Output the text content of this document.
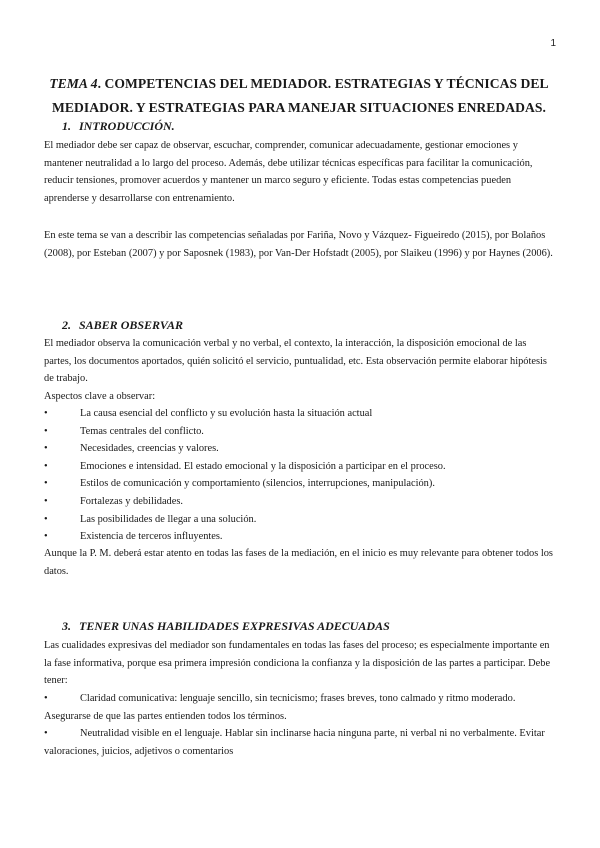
1
TEMA 4. COMPETENCIAS DEL MEDIADOR. ESTRATEGIAS Y TÉCNICAS DEL MEDIADOR. Y ESTRATEGIAS PARA MANEJAR SITUACIONES ENREDADAS.
1. INTRODUCCIÓN.
El mediador debe ser capaz de observar, escuchar, comprender, comunicar adecuadamente, gestionar emociones y mantener neutralidad a lo largo del proceso. Además, debe utilizar técnicas específicas para facilitar la comunicación, reducir tensiones, promover acuerdos y mantener un marco seguro y eficiente. Todas estas competencias pueden aprenderse y desarrollarse con entrenamiento.
En este tema se van a describir las competencias señaladas por Fariña, Novo y Vázquez- Figueiredo (2015), por Bolaños (2008), por Esteban (2007) y por Saposnek (1983), por Van-Der Hofstadt (2005), por Slaikeu (1996) y por Haynes (2006).
2. SABER OBSERVAR
El mediador observa la comunicación verbal y no verbal, el contexto, la interacción, la disposición emocional de las partes, los documentos aportados, quién solicitó el servicio, puntualidad, etc. Esta observación permite elaborar hipótesis de trabajo.
Aspectos clave a observar:
•	La causa esencial del conflicto y su evolución hasta la situación actual
•	Temas centrales del conflicto.
•	Necesidades, creencias y valores.
•	Emociones e intensidad. El estado emocional y la disposición a participar en el proceso.
•	Estilos de comunicación y comportamiento (silencios, interrupciones, manipulación).
•	Fortalezas y debilidades.
•	Las posibilidades de llegar a una solución.
•	Existencia de terceros influyentes.
Aunque la P. M. deberá estar atento en todas las fases de la mediación, en el inicio es muy relevante para obtener todos los datos.
3. TENER UNAS HABILIDADES EXPRESIVAS ADECUADAS
Las cualidades expresivas del mediador son fundamentales en todas las fases del proceso; es especialmente importante en la fase informativa, porque esa primera impresión condiciona la confianza y la disposición de las partes a participar. Debe tener:
•	Claridad comunicativa: lenguaje sencillo, sin tecnicismo; frases breves, tono calmado y ritmo moderado. Asegurarse de que las partes entienden todos los términos.
•	Neutralidad visible en el lenguaje. Hablar sin inclinarse hacia ninguna parte, ni verbal ni no verbalmente. Evitar valoraciones, juicios, adjetivos o comentarios
